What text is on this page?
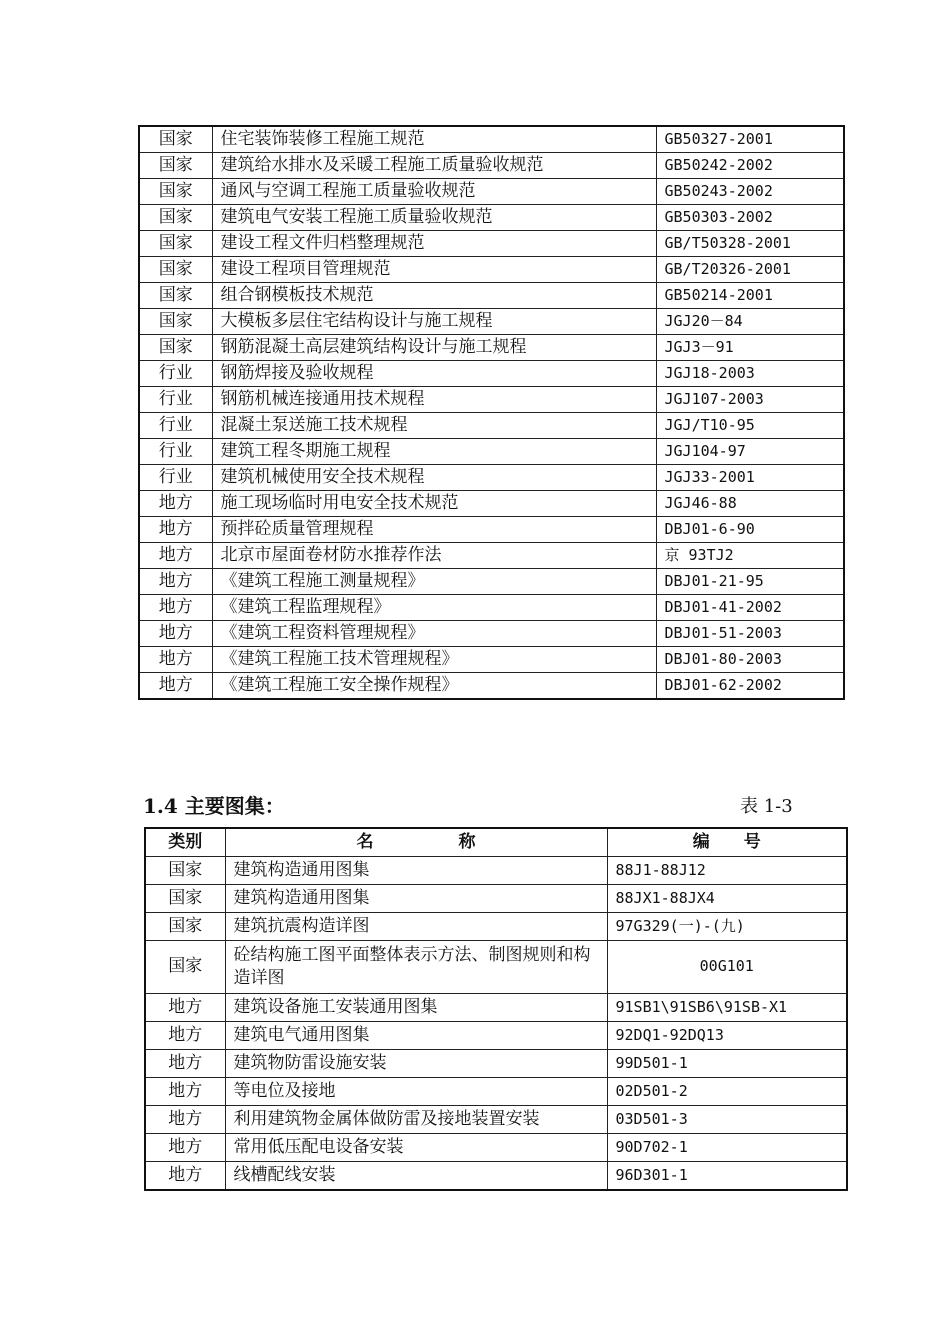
国家	住宅装饰装修工程施工规范	GB50327-2001
国家	建筑给水排水及采暖工程施工质量验收规范	GB50242-2002
国家	通风与空调工程施工质量验收规范	GB50243-2002
国家	建筑电气安装工程施工质量验收规范	GB50303-2002
国家	建设工程文件归档整理规范	GB/T50328-2001
国家	建设工程项目管理规范	GB/T20326-2001
国家	组合钢模板技术规范	GB50214-2001
国家	大模板多层住宅结构设计与施工规程	JGJ20－84
国家	钢筋混凝土高层建筑结构设计与施工规程	JGJ3－91
行业	钢筋焊接及验收规程	JGJ18-2003
行业	钢筋机械连接通用技术规程	JGJ107-2003
行业	混凝土泵送施工技术规程	JGJ/T10-95
行业	建筑工程冬期施工规程	JGJ104-97
行业	建筑机械使用安全技术规程	JGJ33-2001
地方	施工现场临时用电安全技术规范	JGJ46-88
地方	预拌砼质量管理规程	DBJ01-6-90
地方	北京市屋面卷材防水推荐作法	京 93TJ2
地方	《建筑工程施工测量规程》	DBJ01-21-95
地方	《建筑工程监理规程》	DBJ01-41-2002
地方	《建筑工程资料管理规程》	DBJ01-51-2003
地方	《建筑工程施工技术管理规程》	DBJ01-80-2003
地方	《建筑工程施工安全操作规程》	DBJ01-62-2002
1.4 主要图集：	表 1-3
类别	名　　　　　称	编　　号
国家	建筑构造通用图集	88J1-88J12
国家	建筑构造通用图集	88JX1-88JX4
国家	建筑抗震构造详图	97G329(一)-(九)
国家	砼结构施工图平面整体表示方法、制图规则和构造详图	00G101
地方	建筑设备施工安装通用图集	91SB1\91SB6\91SB-X1
地方	建筑电气通用图集	92DQ1-92DQ13
地方	建筑物防雷设施安装	99D501-1
地方	等电位及接地	02D501-2
地方	利用建筑物金属体做防雷及接地装置安装	03D501-3
地方	常用低压配电设备安装	90D702-1
地方	线槽配线安装	96D301-1
